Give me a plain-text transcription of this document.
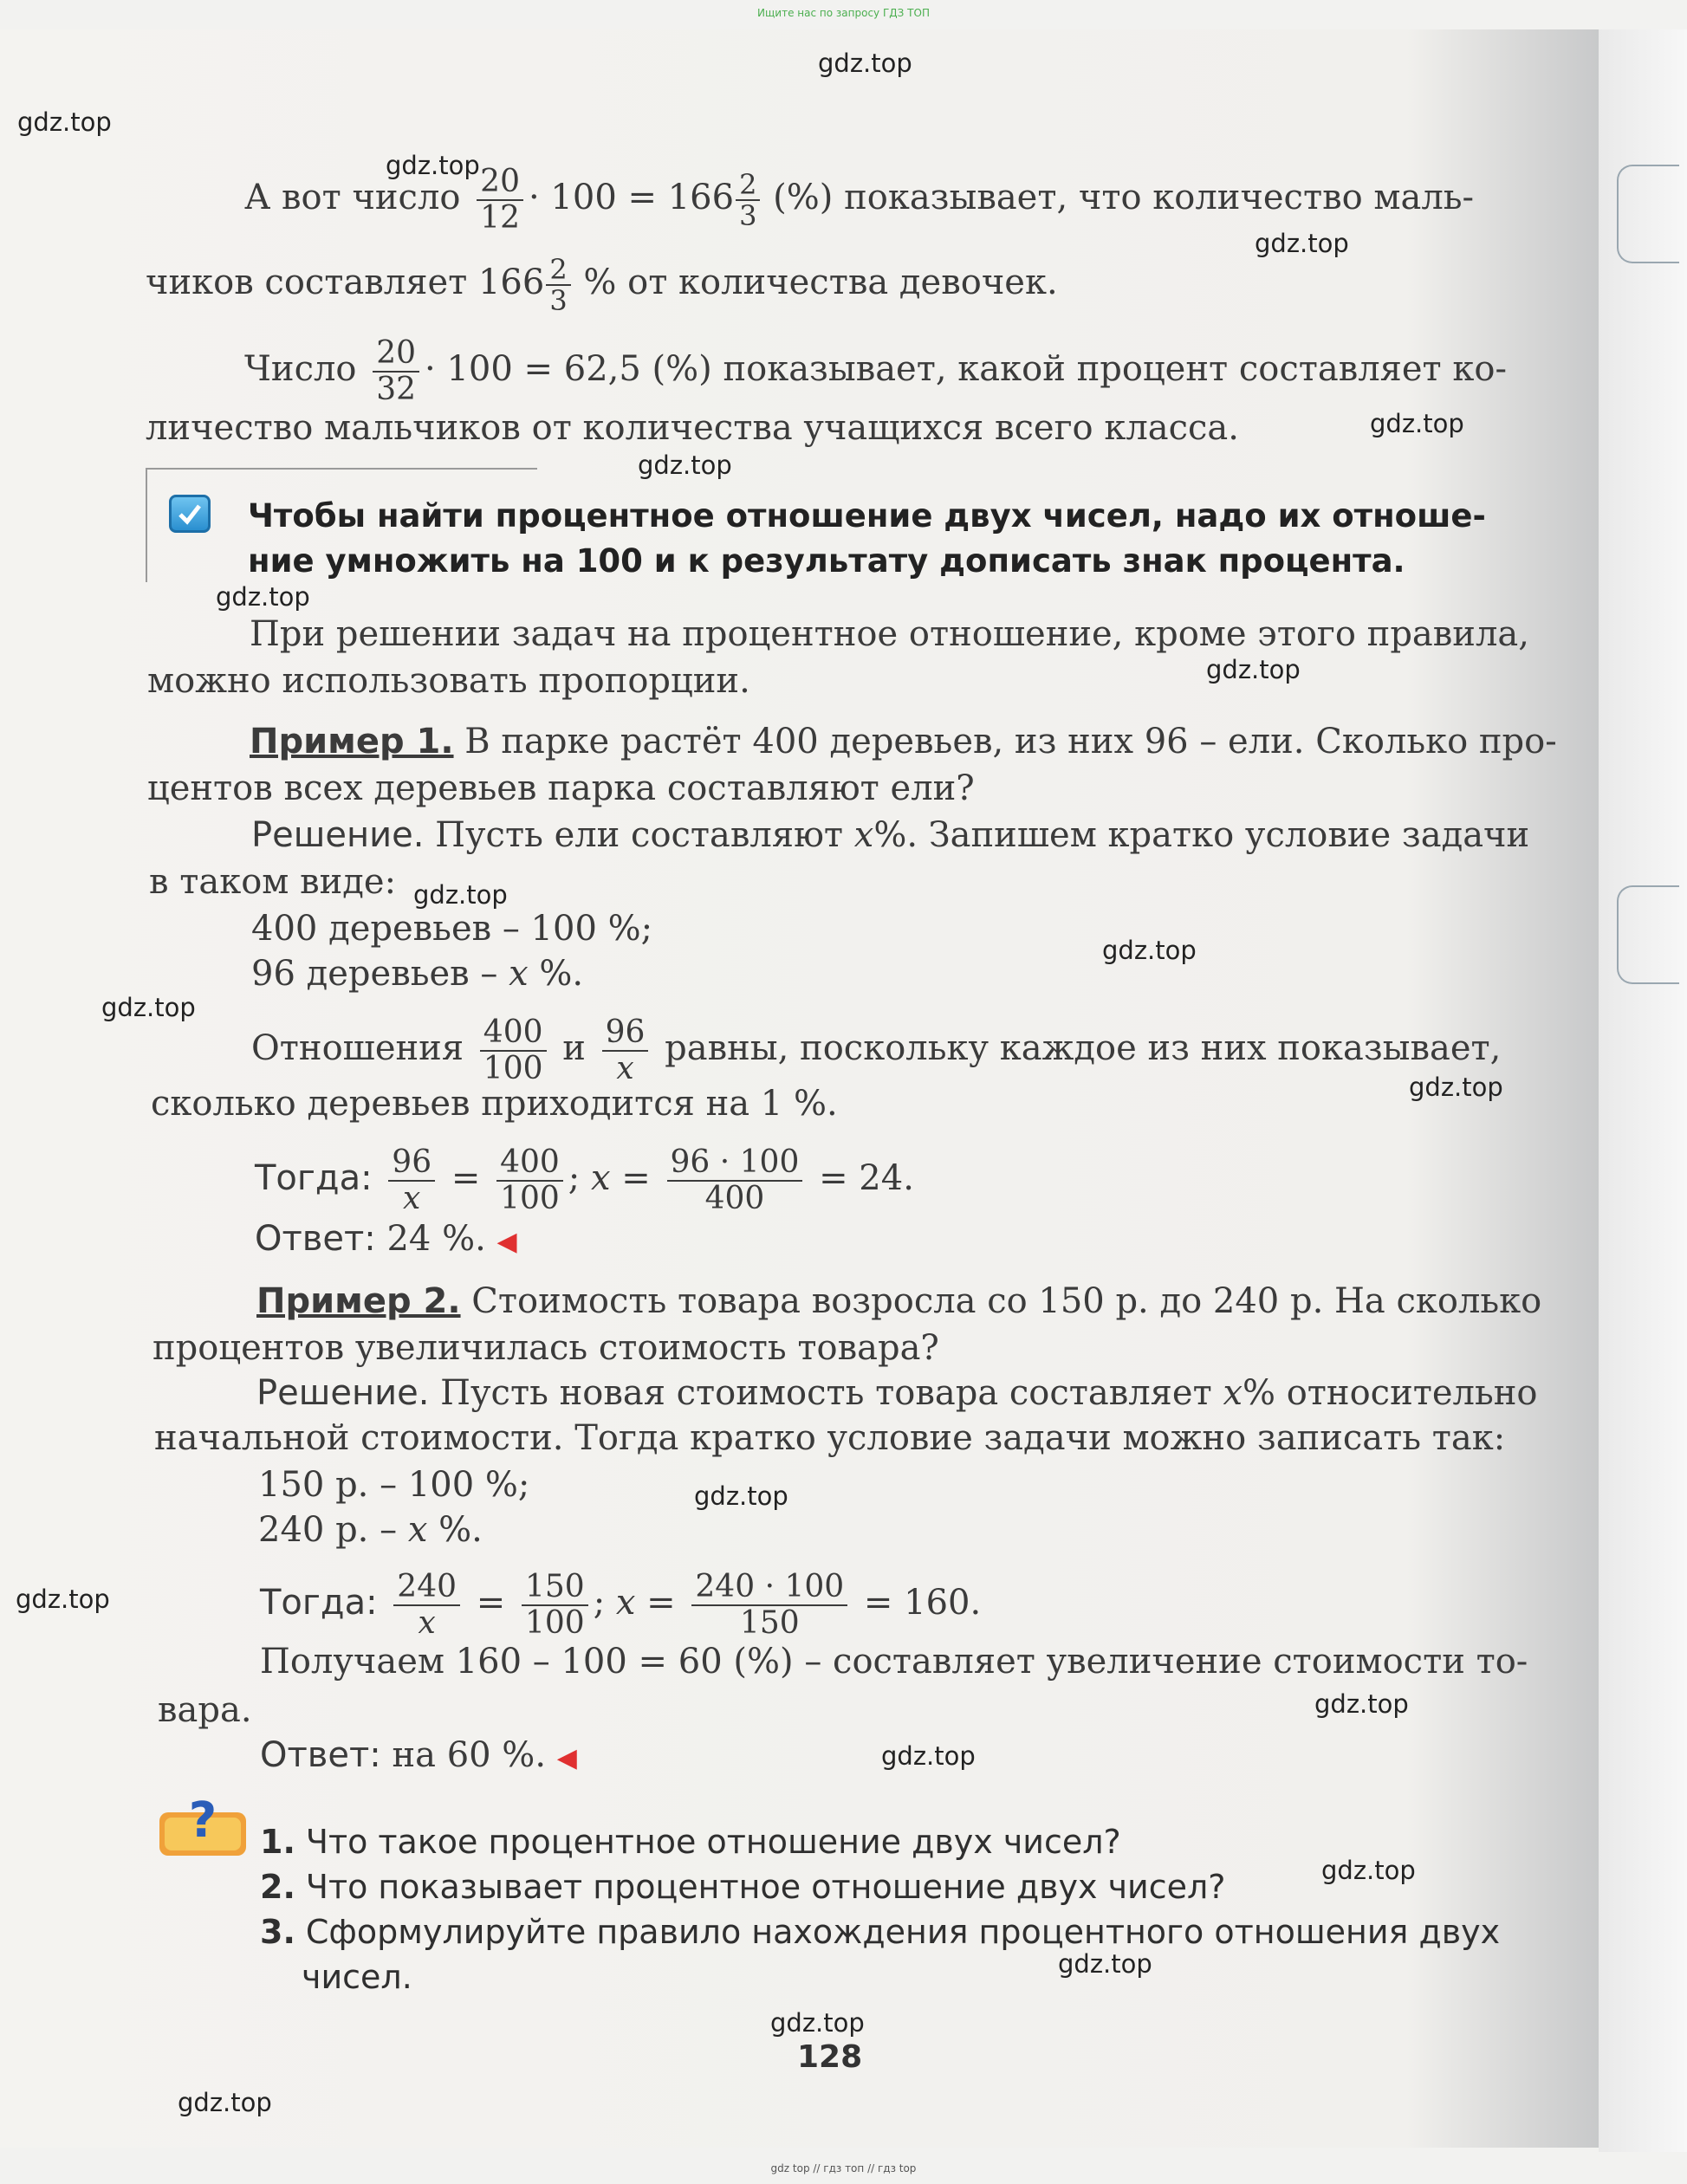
Ищите нас по запросу ГДЗ ТОП
gdz.top
gdz.top
gdz.top
gdz.top
gdz.top
gdz.top
gdz.top
gdz.top
gdz.top
gdz.top
gdz.top
gdz.top
gdz.top
gdz.top
gdz.top
gdz.top
gdz.top
gdz.top
gdz.top
gdz.top
А вот число $\frac{20}{12} \cdot 100 = 166 \frac{2}{3}$ (%) показывает, что количество маль-
чиков составляет $166 \frac{2}{3}$ % от количества девочек.
Число $\frac{20}{32} \cdot 100 = 62,5$ (%) показывает, какой процент составляет ко-
личество мальчиков от количества учащихся всего класса.
Чтобы найти процентное отношение двух чисел, надо их отноше-
ние умножить на 100 и к результату дописать знак процента.
При решении задач на процентное отношение, кроме этого правила,
можно использовать пропорции.
Пример 1. В парке растёт 400 деревьев, из них 96 – ели. Сколько про-
центов всех деревьев парка составляют ели?
Решение. Пусть ели составляют x%. Запишем кратко условие задачи
в таком виде:
400 деревьев – 100 %;
96 деревьев – x %.
Отношения $\frac{400}{100}$ и $\frac{96}{x}$ равны, поскольку каждое из них показывает,
сколько деревьев приходится на 1 %.
Тогда: $\frac{96}{x} = \frac{400}{100}$ ; $x = \frac{96 \cdot 100}{400} = 24$.
Ответ: 24 %. ◀
Пример 2. Стоимость товара возросла со 150 р. до 240 р. На сколько
процентов увеличилась стоимость товара?
Решение. Пусть новая стоимость товара составляет x% относительно
начальной стоимости. Тогда кратко условие задачи можно записать так:
150 р. – 100 %;
240 р. – x %.
Тогда: $\frac{240}{x} = \frac{150}{100}$ ; $x = \frac{240 \cdot 100}{150} = 160$.
Получаем 160 – 100 = 60 (%) – составляет увеличение стоимости то-
вара.
Ответ: на 60 %. ◀
? 1. Что такое процентное отношение двух чисел?
2. Что показывает процентное отношение двух чисел?
3. Сформулируйте правило нахождения процентного отношения двух
чисел.
128
gdz top // гдз топ // гдз top
